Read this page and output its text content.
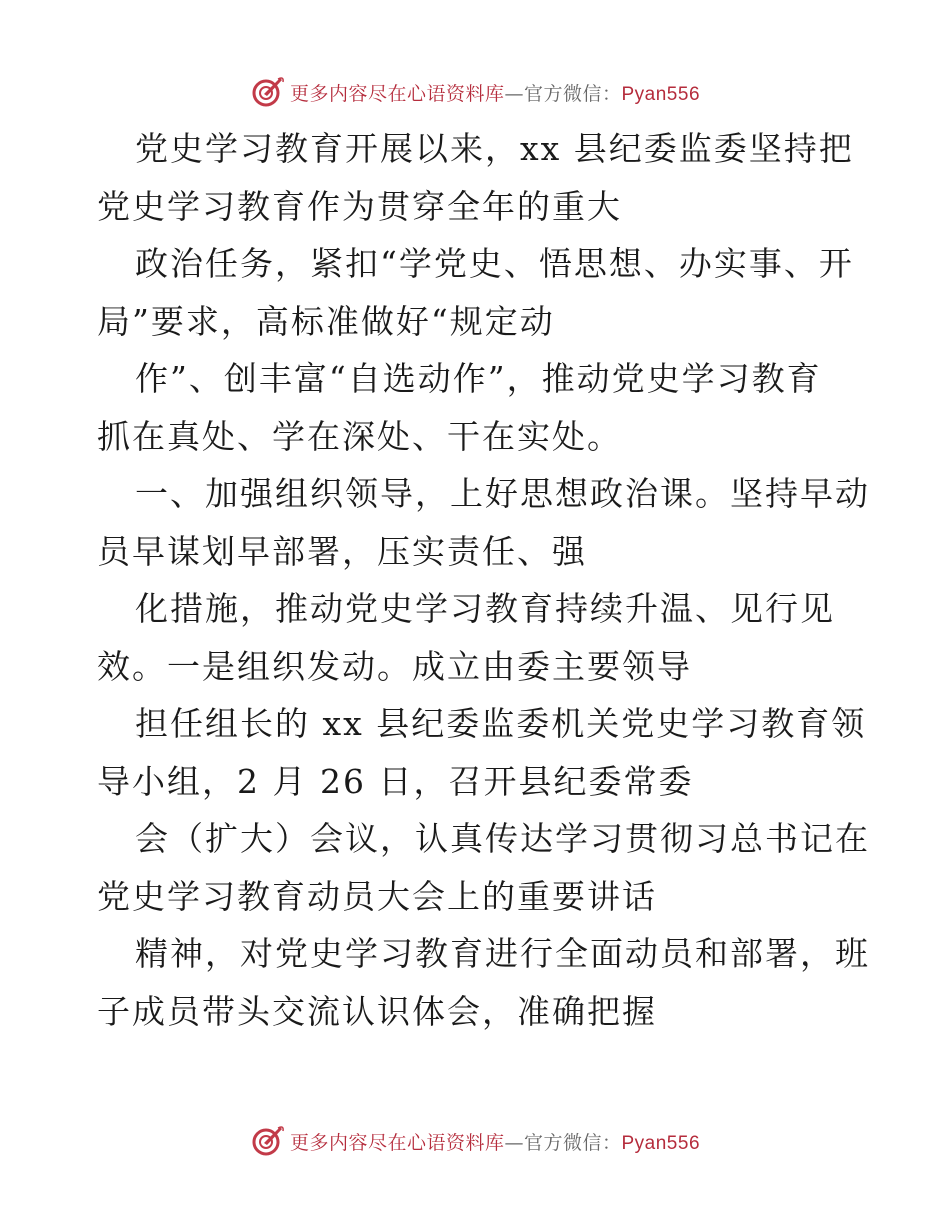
更多内容尽在心语资料库—官方微信：Pyan556
党史学习教育开展以来，xx 县纪委监委坚持把
党史学习教育作为贯穿全年的重大
政治任务，紧扣“学党史、悟思想、办实事、开
局”要求，高标准做好“规定动
作”、创丰富“自选动作”，推动党史学习教育
抓在真处、学在深处、干在实处。
一、加强组织领导，上好思想政治课。坚持早动
员早谋划早部署，压实责任、强
化措施，推动党史学习教育持续升温、见行见
效。一是组织发动。成立由委主要领导
担任组长的 xx 县纪委监委机关党史学习教育领
导小组，2 月 26 日，召开县纪委常委
会（扩大）会议，认真传达学习贯彻习总书记在
党史学习教育动员大会上的重要讲话
精神，对党史学习教育进行全面动员和部署，班
子成员带头交流认识体会，准确把握
更多内容尽在心语资料库—官方微信：Pyan556
